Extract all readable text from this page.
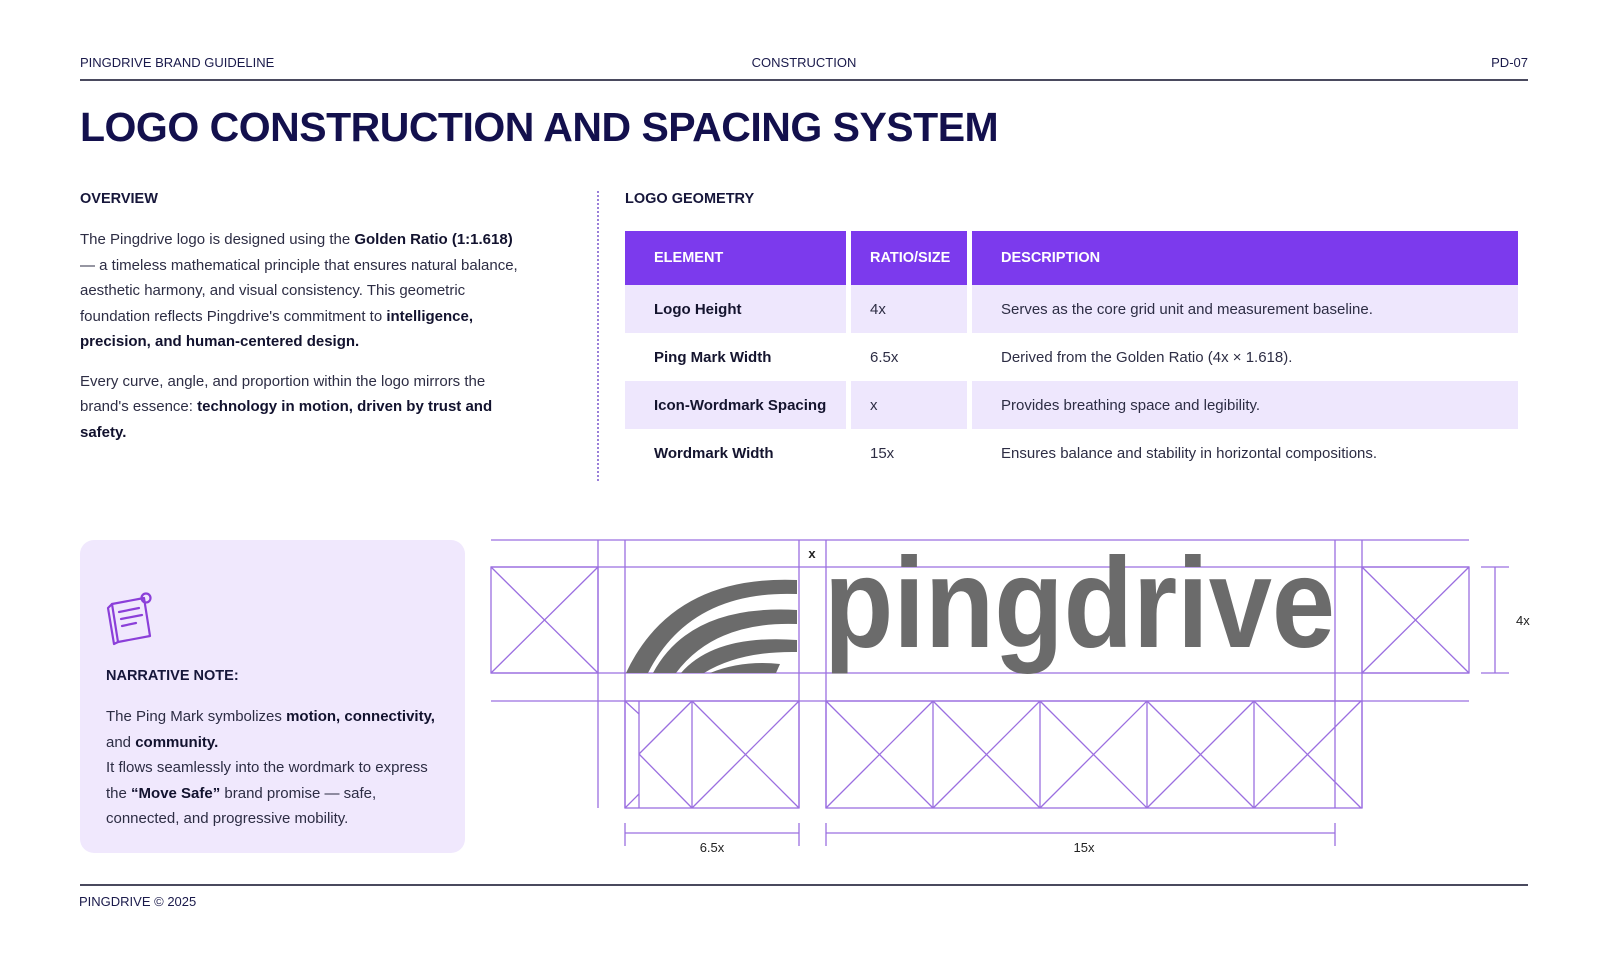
PINGDRIVE BRAND GUIDELINE	CONSTRUCTION	PD-07
LOGO CONSTRUCTION AND SPACING SYSTEM
OVERVIEW

The Pingdrive logo is designed using the Golden Ratio (1:1.618) — a timeless mathematical principle that ensures natural balance, aesthetic harmony, and visual consistency. This geometric foundation reflects Pingdrive's commitment to intelligence, precision, and human-centered design.

Every curve, angle, and proportion within the logo mirrors the brand's essence: technology in motion, driven by trust and safety.

LOGO GEOMETRY
ELEMENT	RATIO/SIZE	DESCRIPTION
Logo Height	4x	Serves as the core grid unit and measurement baseline.
Ping Mark Width	6.5x	Derived from the Golden Ratio (4x × 1.618).
Icon-Wordmark Spacing	x	Provides breathing space and legibility.
Wordmark Width	15x	Ensures balance and stability in horizontal compositions.
NARRATIVE NOTE:
The Ping Mark symbolizes motion, connectivity, and community.
It flows seamlessly into the wordmark to express the “Move Safe” brand promise — safe, connected, and progressive mobility.
pingdrive
x
4x
6.5x	15x
PINGDRIVE © 2025
